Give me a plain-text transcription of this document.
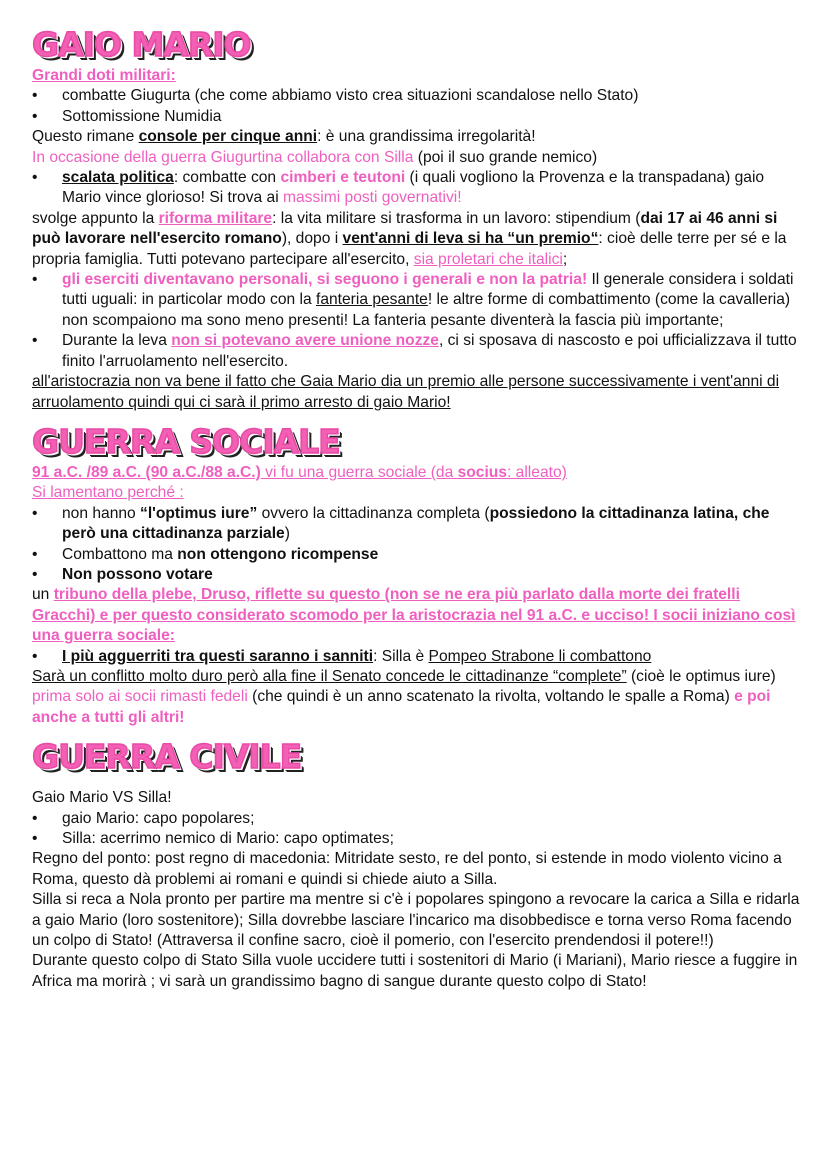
GAIO MARIO

Grandi doti militari:

•	combatte Giugurta (che come abbiamo visto crea situazioni scandalose nello Stato)
•	Sottomissione Numidia

Questo rimane console per cinque anni: è una grandissima irregolarità!

In occasione della guerra Giugurtina collabora con Silla (poi il suo grande nemico)

•	scalata politica: combatte con cimberi e teutoni (i quali vogliono la Provenza e la transpadana) gaio Mario vince glorioso! Si trova ai massimi posti governativi!

svolge appunto la riforma militare: la vita militare si trasforma in un lavoro: stipendium (dai 17 ai 46 anni si può lavorare nell'esercito romano), dopo i vent'anni di leva si ha “un premio“: cioè delle terre per sé e la propria famiglia. Tutti potevano partecipare all'esercito, sia proletari che italici;

•	gli eserciti diventavano personali, si seguono i generali e non la patria! Il generale considera i soldati tutti uguali: in particolar modo con la fanteria pesante! le altre forme di combattimento (come la cavalleria) non scompaiono ma sono meno presenti! La fanteria pesante diventerà la fascia più importante;
•	Durante la leva non si potevano avere unione nozze, ci si sposava di nascosto e poi ufficializzava il tutto finito l'arruolamento nell'esercito.

all'aristocrazia non va bene il fatto che Gaia Mario dia un premio alle persone successivamente i vent'anni di arruolamento quindi qui ci sarà il primo arresto di gaio Mario!

GUERRA SOCIALE

91 a.C. /89 a.C. (90 a.C./88 a.C.) vi fu una guerra sociale (da socius: alleato)

Si lamentano perché :

•	non hanno “l'optimus iure” ovvero la cittadinanza completa (possiedono la cittadinanza latina, che però una cittadinanza parziale)
•	Combattono ma non ottengono ricompense
•	Non possono votare

un tribuno della plebe, Druso, riflette su questo (non se ne era più parlato dalla morte dei fratelli Gracchi) e per questo considerato scomodo per la aristocrazia nel 91 a.C. e ucciso! I socii iniziano così una guerra sociale:

•	I più agguerriti tra questi saranno i sanniti: Silla è Pompeo Strabone li combattono

Sarà un conflitto molto duro però alla fine il Senato concede le cittadinanze “complete” (cioè le optimus iure) prima solo ai socii rimasti fedeli (che quindi è un anno scatenato la rivolta, voltando le spalle a Roma) e poi anche a tutti gli altri!

GUERRA CIVILE

Gaio Mario VS Silla!

•	gaio Mario: capo popolares;
•	Silla: acerrimo nemico di Mario: capo optimates;

Regno del ponto: post regno di macedonia: Mitridate sesto, re del ponto, si estende in modo violento vicino a Roma, questo dà problemi ai romani e quindi si chiede aiuto a Silla.

Silla si reca a Nola pronto per partire ma mentre si c'è i popolares spingono a revocare la carica a Silla e ridarla a gaio Mario (loro sostenitore); Silla dovrebbe lasciare l'incarico ma disobbedisce e torna verso Roma facendo un colpo di Stato! (Attraversa il confine sacro, cioè il pomerio, con l'esercito prendendosi il potere!!)

Durante questo colpo di Stato Silla vuole uccidere tutti i sostenitori di Mario (i Mariani), Mario riesce a fuggire in Africa ma morirà ; vi sarà un grandissimo bagno di sangue durante questo colpo di Stato!
